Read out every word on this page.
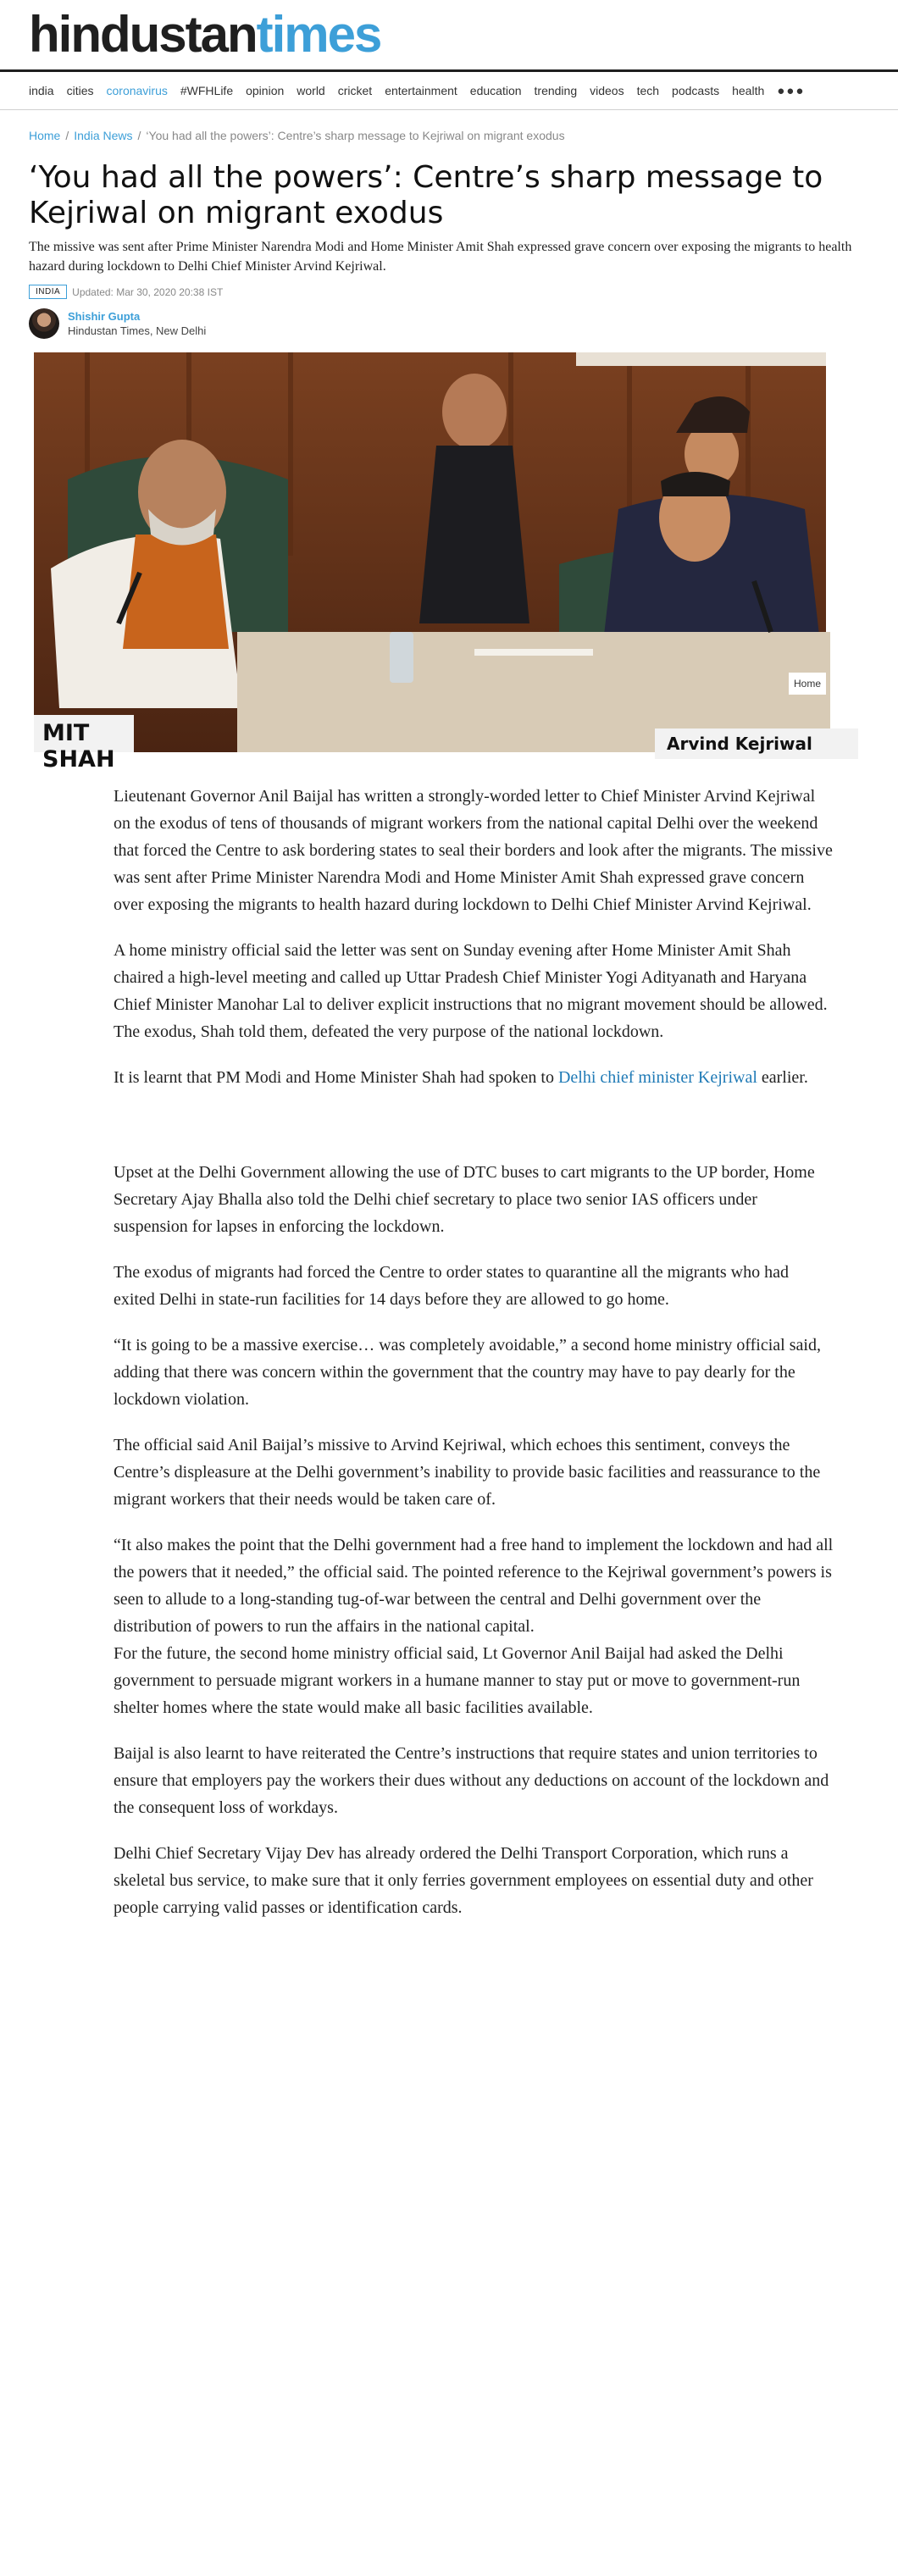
hindustantimes
india cities coronavirus #WFHLife opinion world cricket entertainment education trending videos tech podcasts health ●●●
Home / India News / ‘You had all the powers’: Centre’s sharp message to Kejriwal on migrant exodus
‘You had all the powers’: Centre’s sharp message to Kejriwal on migrant exodus

The missive was sent after Prime Minister Narendra Modi and Home Minister Amit Shah expressed grave concern over exposing the migrants to health hazard during lockdown to Delhi Chief Minister Arvind Kejriwal.

INDIA	Updated: Mar 30, 2020 20:38 IST
Shishir Gupta
Hindustan Times, New Delhi
MIT SHAH
Arvind Kejriwal
Home

Lieutenant Governor Anil Baijal has written a strongly-worded letter to Chief Minister Arvind Kejriwal on the exodus of tens of thousands of migrant workers from the national capital Delhi over the weekend that forced the Centre to ask bordering states to seal their borders and look after the migrants. The missive was sent after Prime Minister Narendra Modi and Home Minister Amit Shah expressed grave concern over exposing the migrants to health hazard during lockdown to Delhi Chief Minister Arvind Kejriwal.

A home ministry official said the letter was sent on Sunday evening after Home Minister Amit Shah chaired a high-level meeting and called up Uttar Pradesh Chief Minister Yogi Adityanath and Haryana Chief Minister Manohar Lal to deliver explicit instructions that no migrant movement should be allowed. The exodus, Shah told them, defeated the very purpose of the national lockdown.

It is learnt that PM Modi and Home Minister Shah had spoken to Delhi chief minister Kejriwal earlier.

Upset at the Delhi Government allowing the use of DTC buses to cart migrants to the UP border, Home Secretary Ajay Bhalla also told the Delhi chief secretary to place two senior IAS officers under suspension for lapses in enforcing the lockdown.

The exodus of migrants had forced the Centre to order states to quarantine all the migrants who had exited Delhi in state-run facilities for 14 days before they are allowed to go home.

“It is going to be a massive exercise… was completely avoidable,” a second home ministry official said, adding that there was concern within the government that the country may have to pay dearly for the lockdown violation.

The official said Anil Baijal’s missive to Arvind Kejriwal, which echoes this sentiment, conveys the Centre’s displeasure at the Delhi government’s inability to provide basic facilities and reassurance to the migrant workers that their needs would be taken care of.

“It also makes the point that the Delhi government had a free hand to implement the lockdown and had all the powers that it needed,” the official said. The pointed reference to the Kejriwal government’s powers is seen to allude to a long-standing tug-of-war between the central and Delhi government over the distribution of powers to run the affairs in the national capital.

For the future, the second home ministry official said, Lt Governor Anil Baijal had asked the Delhi government to persuade migrant workers in a humane manner to stay put or move to government-run shelter homes where the state would make all basic facilities available.

Baijal is also learnt to have reiterated the Centre’s instructions that require states and union territories to ensure that employers pay the workers their dues without any deductions on account of the lockdown and the consequent loss of workdays.

Delhi Chief Secretary Vijay Dev has already ordered the Delhi Transport Corporation, which runs a skeletal bus service, to make sure that it only ferries government employees on essential duty and other people carrying valid passes or identification cards.
